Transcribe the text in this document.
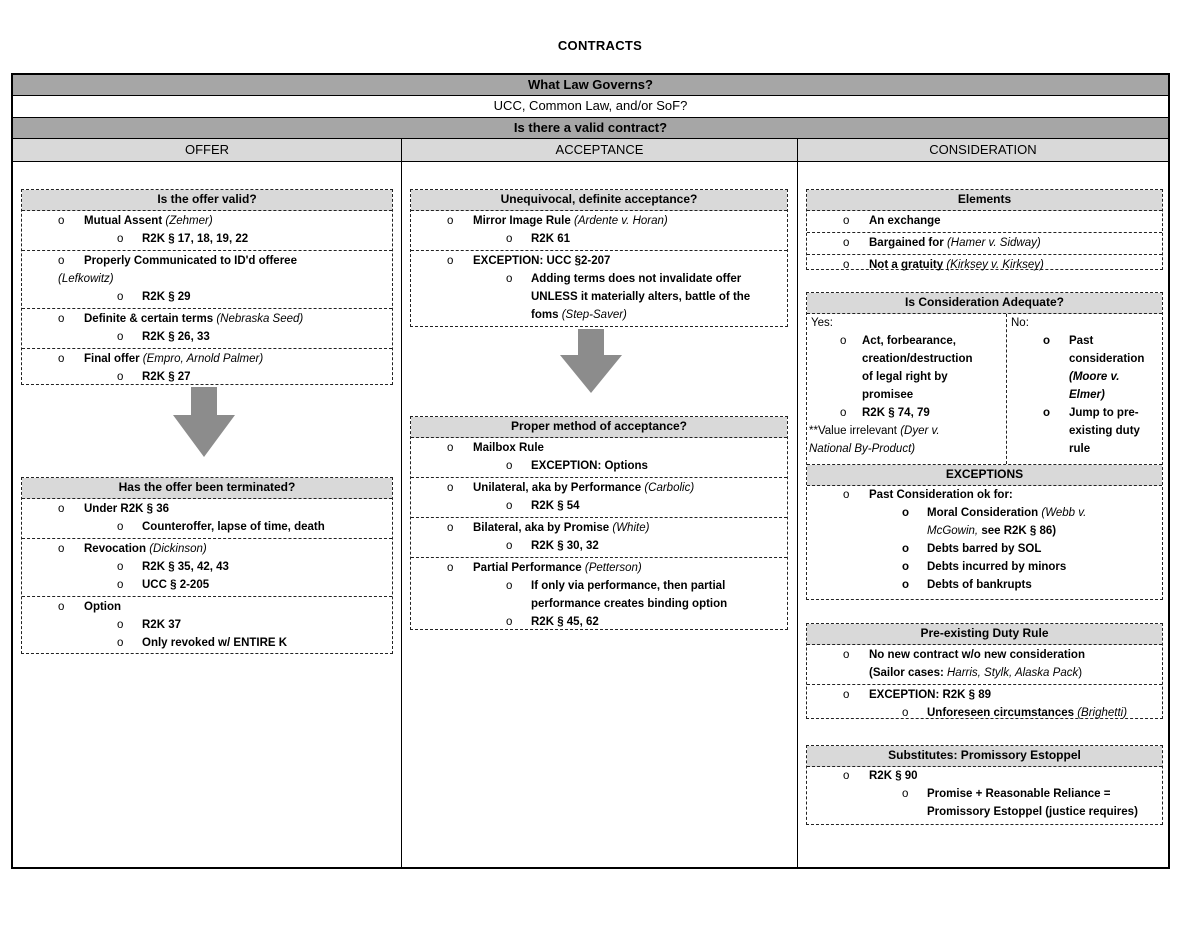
CONTRACTS
What Law Governs?
UCC, Common Law, and/or SoF?
Is there a valid contract?
OFFER	ACCEPTANCE	CONSIDERATION
Is the offer valid?
o Mutual Assent (Zehmer)
o R2K § 17, 18, 19, 22
o Properly Communicated to ID'd offeree
(Lefkowitz)
o R2K § 29
o Definite & certain terms (Nebraska Seed)
o R2K § 26, 33
o Final offer (Empro, Arnold Palmer)
o R2K § 27
Has the offer been terminated?
o Under R2K § 36
o Counteroffer, lapse of time, death
o Revocation (Dickinson)
o R2K § 35, 42, 43
o UCC § 2-205
o Option
o R2K 37
o Only revoked w/ ENTIRE K
Unequivocal, definite acceptance?
o Mirror Image Rule (Ardente v. Horan)
o R2K 61
o EXCEPTION: UCC §2-207
o Adding terms does not invalidate offer
UNLESS it materially alters, battle of the
foms (Step-Saver)
Proper method of acceptance?
o Mailbox Rule
o EXCEPTION: Options
o Unilateral, aka by Performance (Carbolic)
o R2K § 54
o Bilateral, aka by Promise (White)
o R2K § 30, 32
o Partial Performance (Petterson)
o If only via performance, then partial
performance creates binding option
o R2K § 45, 62
Elements
o An exchange
o Bargained for (Hamer v. Sidway)
o Not a gratuity (Kirksey v. Kirksey)
Is Consideration Adequate?
Yes:
o Act, forbearance,
creation/destruction
of legal right by
promisee
o R2K § 74, 79
**Value irrelevant (Dyer v.
National By-Product)
No:
o Past
consideration
(Moore v.
Elmer)
o Jump to pre-
existing duty
rule
EXCEPTIONS
o Past Consideration ok for:
o Moral Consideration (Webb v.
McGowin, see R2K § 86)
o Debts barred by SOL
o Debts incurred by minors
o Debts of bankrupts
Pre-existing Duty Rule
o No new contract w/o new consideration
(Sailor cases: Harris, Stylk, Alaska Pack)
o EXCEPTION: R2K § 89
o Unforeseen circumstances (Brighetti)
Substitutes: Promissory Estoppel
o R2K § 90
o Promise + Reasonable Reliance =
Promissory Estoppel (justice requires)
